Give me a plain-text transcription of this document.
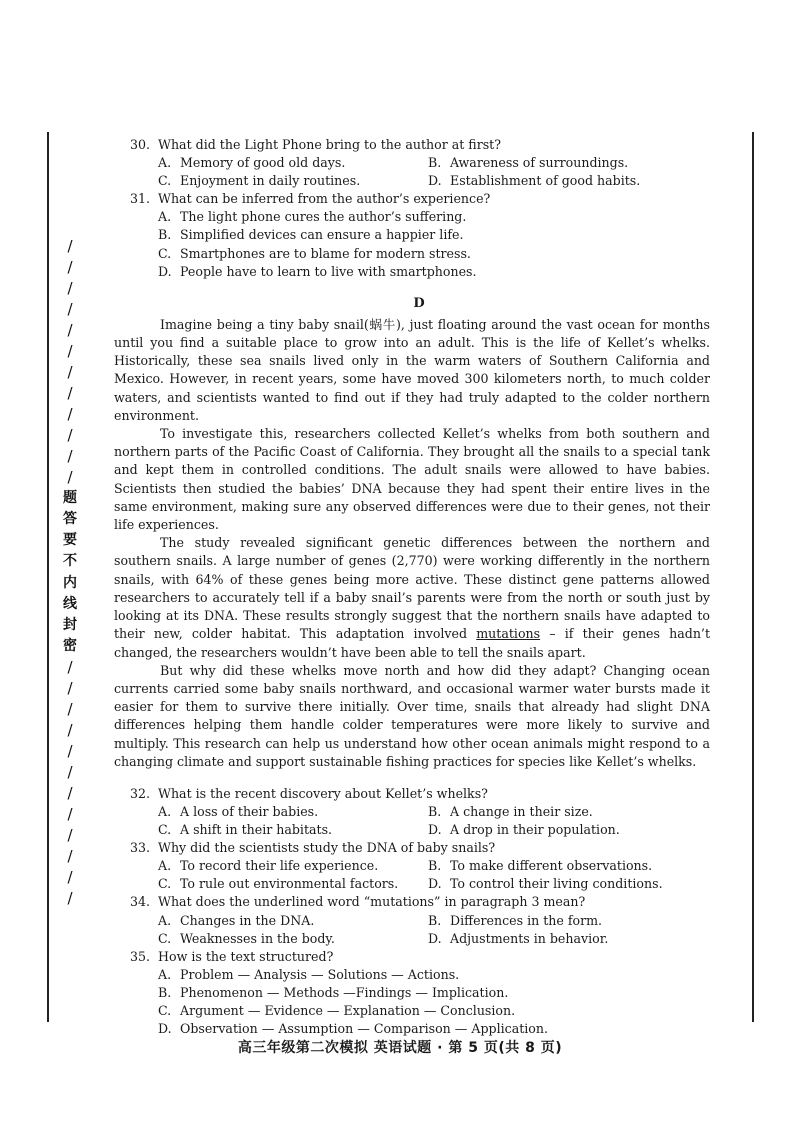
/
/
/
/
/
/
/
/
/
/
/
/
题
答
要
不
内
线
封
密
/
/
/
/
/
/
/
/
/
/
/
/
30. What did the Light Phone bring to the author at first?
A. Memory of good old days.	B. Awareness of surroundings.
C. Enjoyment in daily routines.	D. Establishment of good habits.
31. What can be inferred from the author’s experience?
A. The light phone cures the author’s suffering.
B. Simplified devices can ensure a happier life.
C. Smartphones are to blame for modern stress.
D. People have to learn to live with smartphones.
D

Imagine being a tiny baby snail(蜗牛), just floating around the vast ocean for months until you find a suitable place to grow into an adult. This is the life of Kellet’s whelks. Historically, these sea snails lived only in the warm waters of Southern California and Mexico. However, in recent years, some have moved 300 kilometers north, to much colder waters, and scientists wanted to find out if they had truly adapted to the colder northern environment.

To investigate this, researchers collected Kellet’s whelks from both southern and northern parts of the Pacific Coast of California. They brought all the snails to a special tank and kept them in controlled conditions. The adult snails were allowed to have babies. Scientists then studied the babies’ DNA because they had spent their entire lives in the same environment, making sure any observed differences were due to their genes, not their life experiences.

The study revealed significant genetic differences between the northern and southern snails. A large number of genes (2,770) were working differently in the northern snails, with 64% of these genes being more active. These distinct gene patterns allowed researchers to accurately tell if a baby snail’s parents were from the north or south just by looking at its DNA. These results strongly suggest that the northern snails have adapted to their new, colder habitat. This adaptation involved mutations – if their genes hadn’t changed, the researchers wouldn’t have been able to tell the snails apart.

But why did these whelks move north and how did they adapt? Changing ocean currents carried some baby snails northward, and occasional warmer water bursts made it easier for them to survive there initially. Over time, snails that already had slight DNA differences helping them handle colder temperatures were more likely to survive and multiply. This research can help us understand how other ocean animals might respond to a changing climate and support sustainable fishing practices for species like Kellet’s whelks.

32. What is the recent discovery about Kellet’s whelks?
A. A loss of their babies.	B. A change in their size.
C. A shift in their habitats.	D. A drop in their population.
33. Why did the scientists study the DNA of baby snails?
A. To record their life experience.	B. To make different observations.
C. To rule out environmental factors.	D. To control their living conditions.
34. What does the underlined word “mutations” in paragraph 3 mean?
A. Changes in the DNA.	B. Differences in the form.
C. Weaknesses in the body.	D. Adjustments in behavior.
35. How is the text structured?
A. Problem — Analysis — Solutions — Actions.
B. Phenomenon — Methods —Findings — Implication.
C. Argument — Evidence — Explanation — Conclusion.
D. Observation — Assumption — Comparison — Application.
高三年级第二次模拟 英语试题 · 第 5 页(共 8 页)
